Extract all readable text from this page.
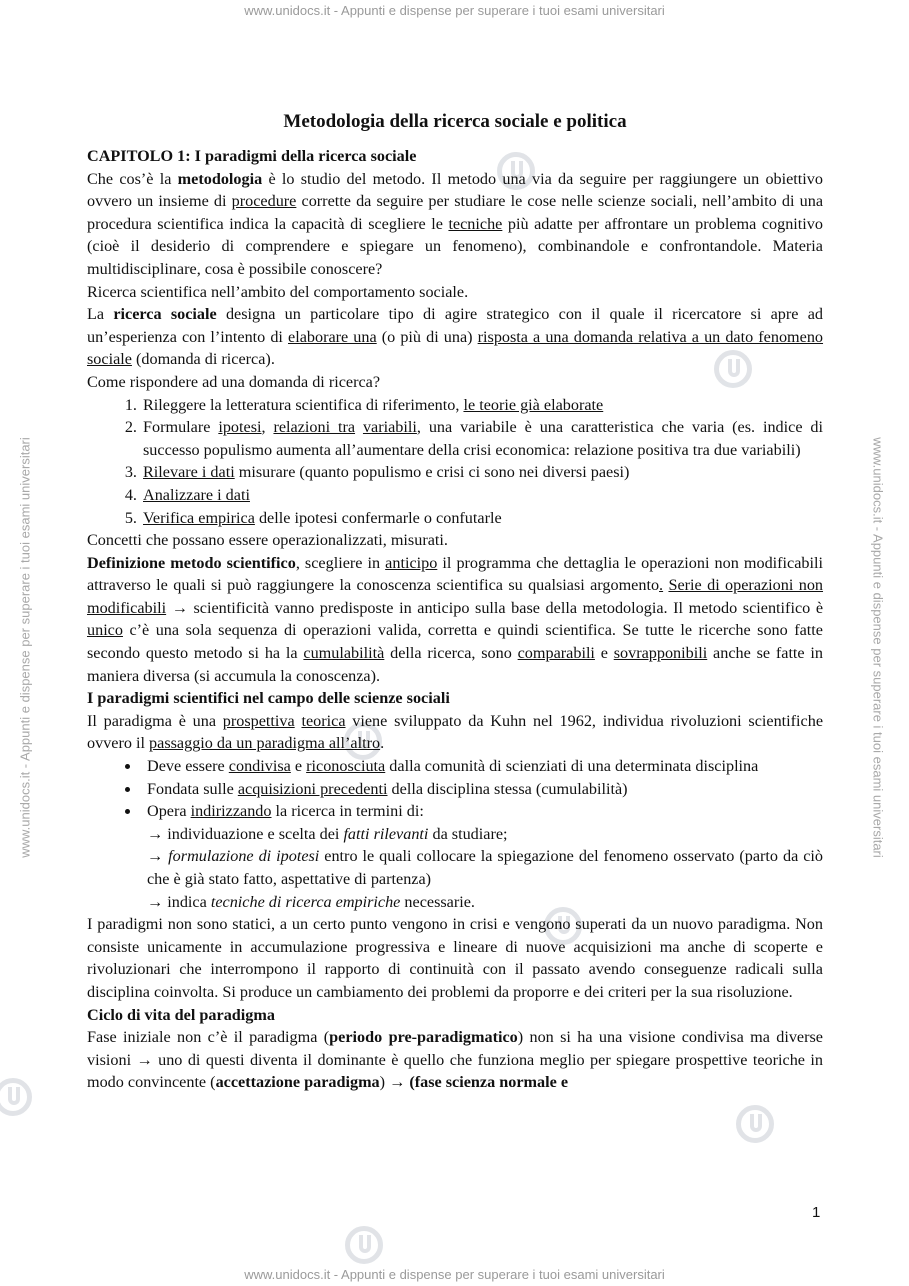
www.unidocs.it - Appunti e dispense per superare i tuoi esami universitari
www.unidocs.it - Appunti e dispense per superare i tuoi esami universitari
www.unidocs.it - Appunti e dispense per superare i tuoi esami universitari	www.unidocs.it - Appunti e dispense per superare i tuoi esami universitari
Metodologia della ricerca sociale e politica
CAPITOLO 1: I paradigmi della ricerca sociale

Che cos’è la metodologia è lo studio del metodo. Il metodo una via da seguire per raggiungere un obiettivo ovvero un insieme di procedure corrette da seguire per studiare le cose nelle scienze sociali, nell’ambito di una procedura scientifica indica la capacità di scegliere le tecniche più adatte per affrontare un problema cognitivo (cioè il desiderio di comprendere e spiegare un fenomeno), combinandole e confrontandole. Materia multidisciplinare, cosa è possibile conoscere?

Ricerca scientifica nell’ambito del comportamento sociale.

La ricerca sociale designa un particolare tipo di agire strategico con il quale il ricercatore si apre ad un’esperienza con l’intento di elaborare una (o più di una) risposta a una domanda relativa a un dato fenomeno sociale (domanda di ricerca).

Come rispondere ad una domanda di ricerca?

1. Rileggere la letteratura scientifica di riferimento, le teorie già elaborate
2. Formulare ipotesi, relazioni tra variabili, una variabile è una caratteristica che varia (es. indice di successo populismo aumenta all’aumentare della crisi economica: relazione positiva tra due variabili)
3. Rilevare i dati misurare (quanto populismo e crisi ci sono nei diversi paesi)
4. Analizzare i dati
5. Verifica empirica delle ipotesi confermarle o confutarle

Concetti che possano essere operazionalizzati, misurati.

Definizione metodo scientifico, scegliere in anticipo il programma che dettaglia le operazioni non modificabili attraverso le quali si può raggiungere la conoscenza scientifica su qualsiasi argomento. Serie di operazioni non modificabili → scientificità vanno predisposte in anticipo sulla base della metodologia. Il metodo scientifico è unico c’è una sola sequenza di operazioni valida, corretta e quindi scientifica. Se tutte le ricerche sono fatte secondo questo metodo si ha la cumulabilità della ricerca, sono comparabili e sovrapponibili anche se fatte in maniera diversa (si accumula la conoscenza).

I paradigmi scientifici nel campo delle scienze sociali

Il paradigma è una prospettiva teorica viene sviluppato da Kuhn nel 1962, individua rivoluzioni scientifiche ovvero il passaggio da un paradigma all’altro.

• Deve essere condivisa e riconosciuta dalla comunità di scienziati di una determinata disciplina
• Fondata sulle acquisizioni precedenti della disciplina stessa (cumulabilità)
• Opera indirizzando la ricerca in termini di:
→ individuazione e scelta dei fatti rilevanti da studiare;
→ formulazione di ipotesi entro le quali collocare la spiegazione del fenomeno osservato (parto da ciò che è già stato fatto, aspettative di partenza)
→ indica tecniche di ricerca empiriche necessarie.

I paradigmi non sono statici, a un certo punto vengono in crisi e vengono superati da un nuovo paradigma. Non consiste unicamente in accumulazione progressiva e lineare di nuove acquisizioni ma anche di scoperte e rivoluzionari che interrompono il rapporto di continuità con il passato avendo conseguenze radicali sulla disciplina coinvolta. Si produce un cambiamento dei problemi da proporre e dei criteri per la sua risoluzione.

Ciclo di vita del paradigma

Fase iniziale non c’è il paradigma (periodo pre-paradigmatico) non si ha una visione condivisa ma diverse visioni → uno di questi diventa il dominante è quello che funziona meglio per spiegare prospettive teoriche in modo convincente (accettazione paradigma) → (fase scienza normale e

1
